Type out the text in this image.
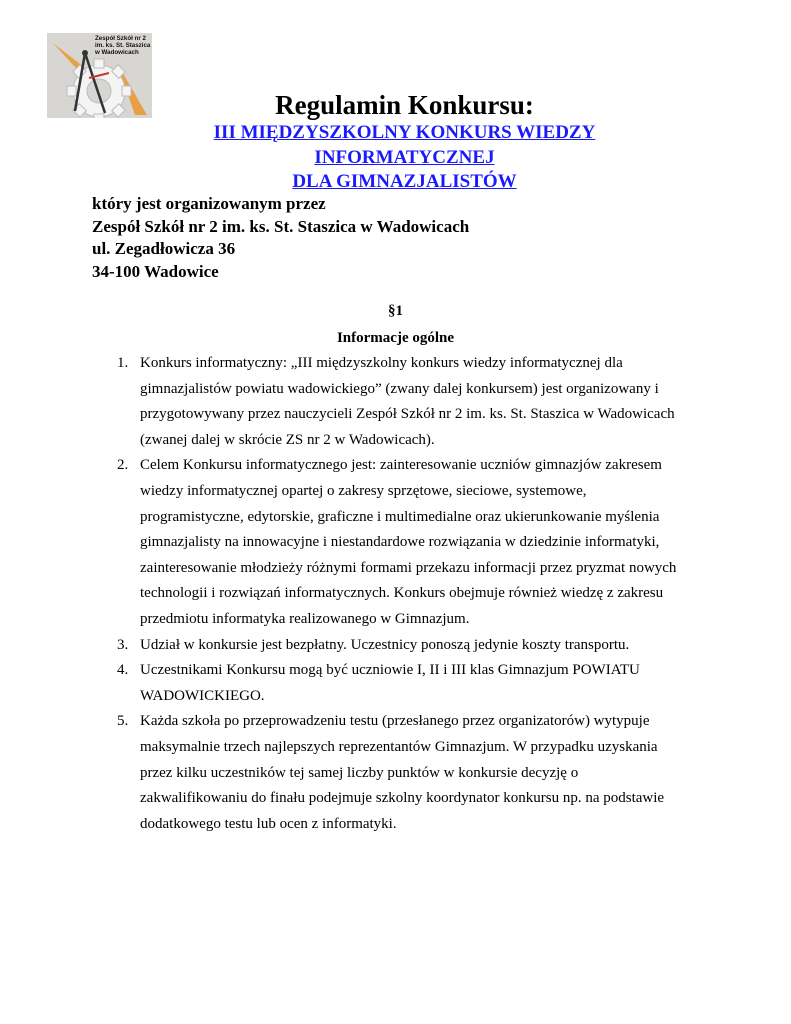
Zespół Szkół nr 2
im. ks. St. Staszica
w Wadowicach
Regulamin Konkursu:
III MIĘDZYSZKOLNY KONKURS WIEDZY
INFORMATYCZNEJ
DLA GIMNAZJALISTÓW
który jest organizowanym przez
Zespół Szkół nr 2 im. ks. St. Staszica w Wadowicach
ul. Zegadłowicza 36
34-100 Wadowice
§1
Informacje ogólne
1. Konkurs informatyczny: „III międzyszkolny konkurs wiedzy informatycznej dla
gimnazjalistów powiatu wadowickiego” (zwany dalej konkursem) jest organizowany i
przygotowywany przez nauczycieli Zespół Szkół nr 2 im. ks. St. Staszica w Wadowicach
(zwanej dalej w skrócie ZS nr 2 w Wadowicach).
2. Celem Konkursu informatycznego jest: zainteresowanie uczniów gimnazjów zakresem
wiedzy informatycznej opartej o zakresy sprzętowe, sieciowe, systemowe,
programistyczne, edytorskie, graficzne i multimedialne oraz ukierunkowanie myślenia
gimnazjalisty na innowacyjne i niestandardowe rozwiązania w dziedzinie informatyki,
zainteresowanie młodzieży różnymi formami przekazu informacji przez pryzmat nowych
technologii i rozwiązań informatycznych. Konkurs obejmuje również wiedzę z zakresu
przedmiotu informatyka realizowanego w Gimnazjum.
3. Udział w konkursie jest bezpłatny. Uczestnicy ponoszą jedynie koszty transportu.
4. Uczestnikami Konkursu mogą być uczniowie I, II i III klas Gimnazjum POWIATU
WADOWICKIEGO.
5. Każda szkoła po przeprowadzeniu testu (przesłanego przez organizatorów) wytypuje
maksymalnie trzech najlepszych reprezentantów Gimnazjum. W przypadku uzyskania
przez kilku uczestników tej samej liczby punktów w konkursie decyzję o
zakwalifikowaniu do finału podejmuje szkolny koordynator konkursu np. na podstawie
dodatkowego testu lub ocen z informatyki.
